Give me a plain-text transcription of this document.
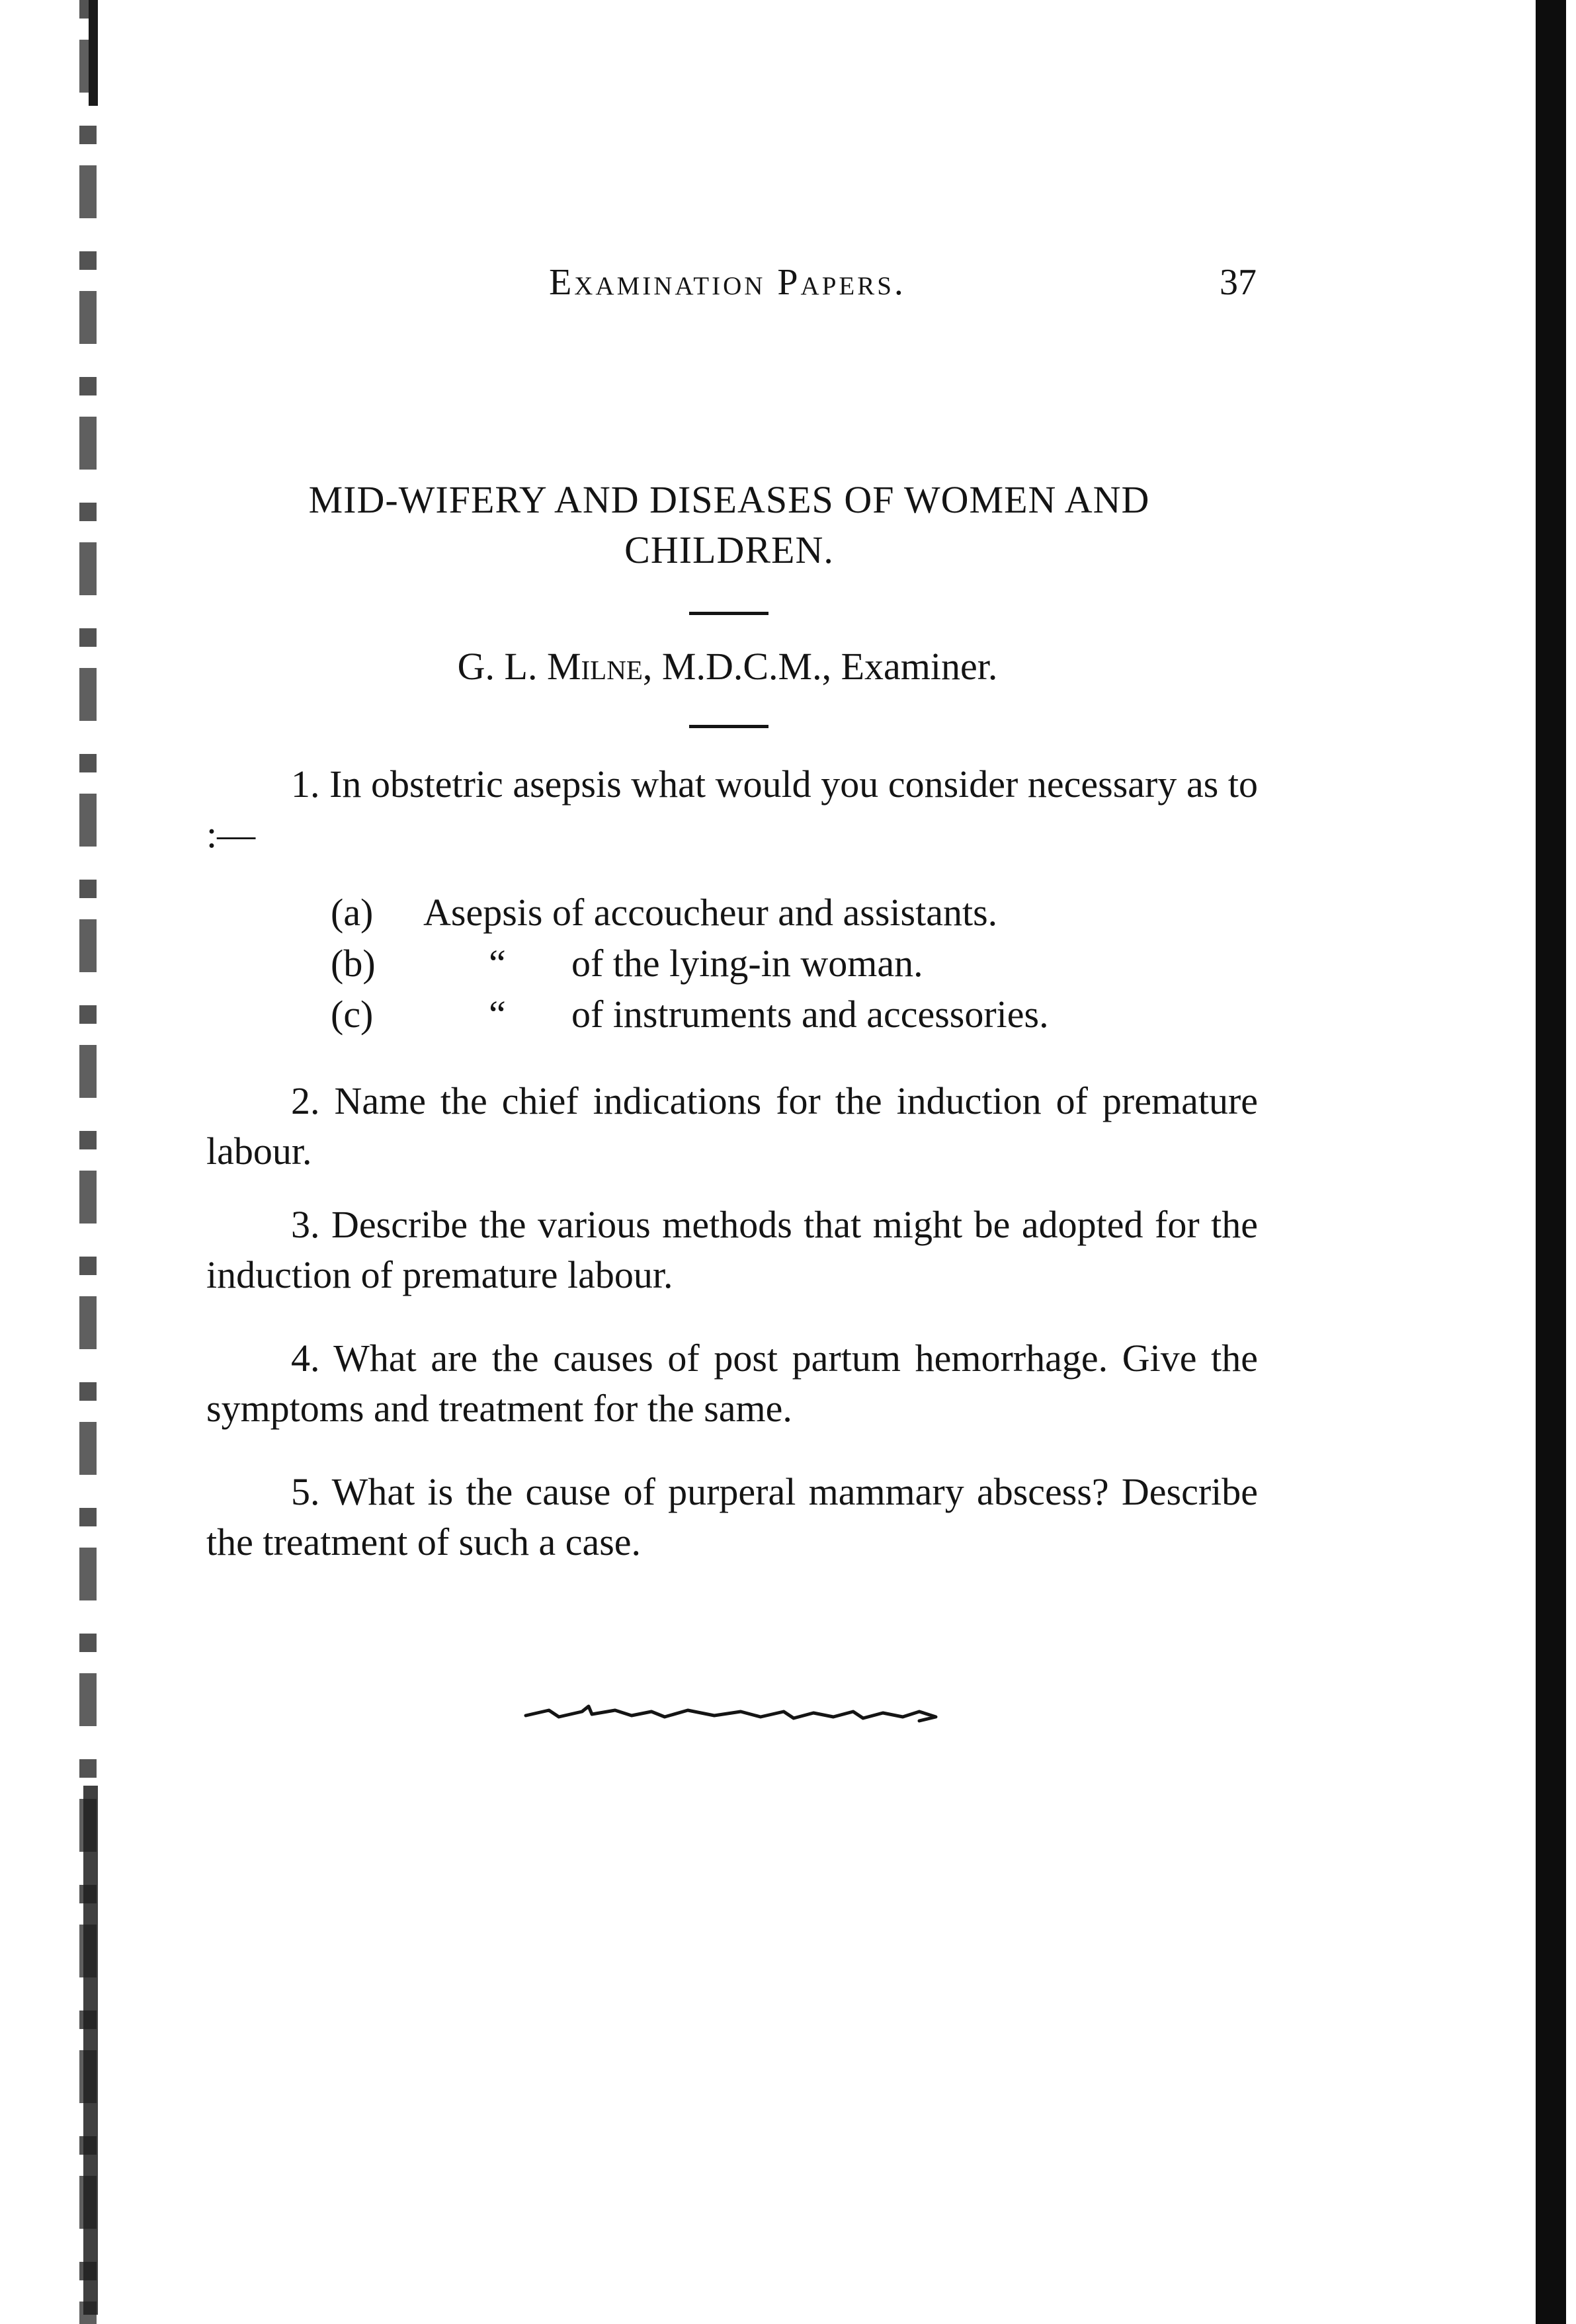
Examination Papers.	37
MID-WIFERY AND DISEASES OF WOMEN AND
CHILDREN.
G. L. Milne, M.D.C.M., Examiner.
1. In obstetric asepsis what would you consider necessary as to :—
(a) Asepsis of accoucheur and assistants.
(b)	“ of the lying-in woman.
(c)	“ of instruments and accessories.
2. Name the chief indications for the induction of premature labour.
3. Describe the various methods that might be adopted for the induction of premature labour.
4. What are the causes of post partum hemorrhage. Give the symptoms and treatment for the same.
5. What is the cause of purperal mammary abscess? Describe the treatment of such a case.
